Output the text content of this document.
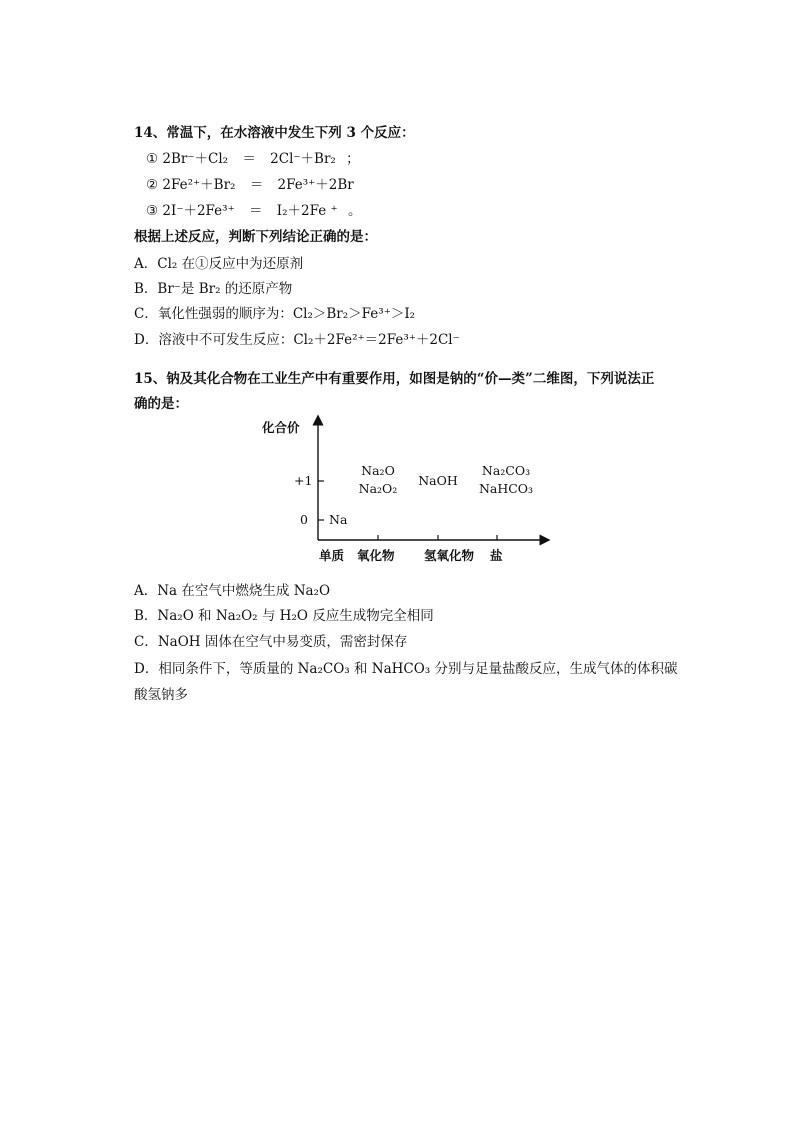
14、常温下，在水溶液中发生下列 3 个反应：
① 2Br⁻＋Cl₂ ＝ 2Cl⁻＋Br₂ ；
② 2Fe²⁺＋Br₂ ＝ 2Fe³⁺＋2Br
③ 2I⁻＋2Fe³⁺ ＝ I₂＋2Fe ⁺ 。
根据上述反应，判断下列结论正确的是：
A．Cl₂ 在①反应中为还原剂
B．Br⁻是 Br₂ 的还原产物
C．氧化性强弱的顺序为：Cl₂＞Br₂＞Fe³⁺＞I₂
D．溶液中不可发生反应：Cl₂＋2Fe²⁺＝2Fe³⁺＋2Cl⁻
15、钠及其化合物在工业生产中有重要作用，如图是钠的“价—类”二维图，下列说法正
确的是：
化合价
+1
0 Na
Na₂O
Na₂O₂
NaOH
Na₂CO₃
NaHCO₃
单质 氧化物 氢氧化物 盐
A．Na 在空气中燃烧生成 Na₂O
B．Na₂O 和 Na₂O₂ 与 H₂O 反应生成物完全相同
C．NaOH 固体在空气中易变质，需密封保存
D．相同条件下，等质量的 Na₂CO₃ 和 NaHCO₃ 分别与足量盐酸反应，生成气体的体积碳
酸氢钠多
